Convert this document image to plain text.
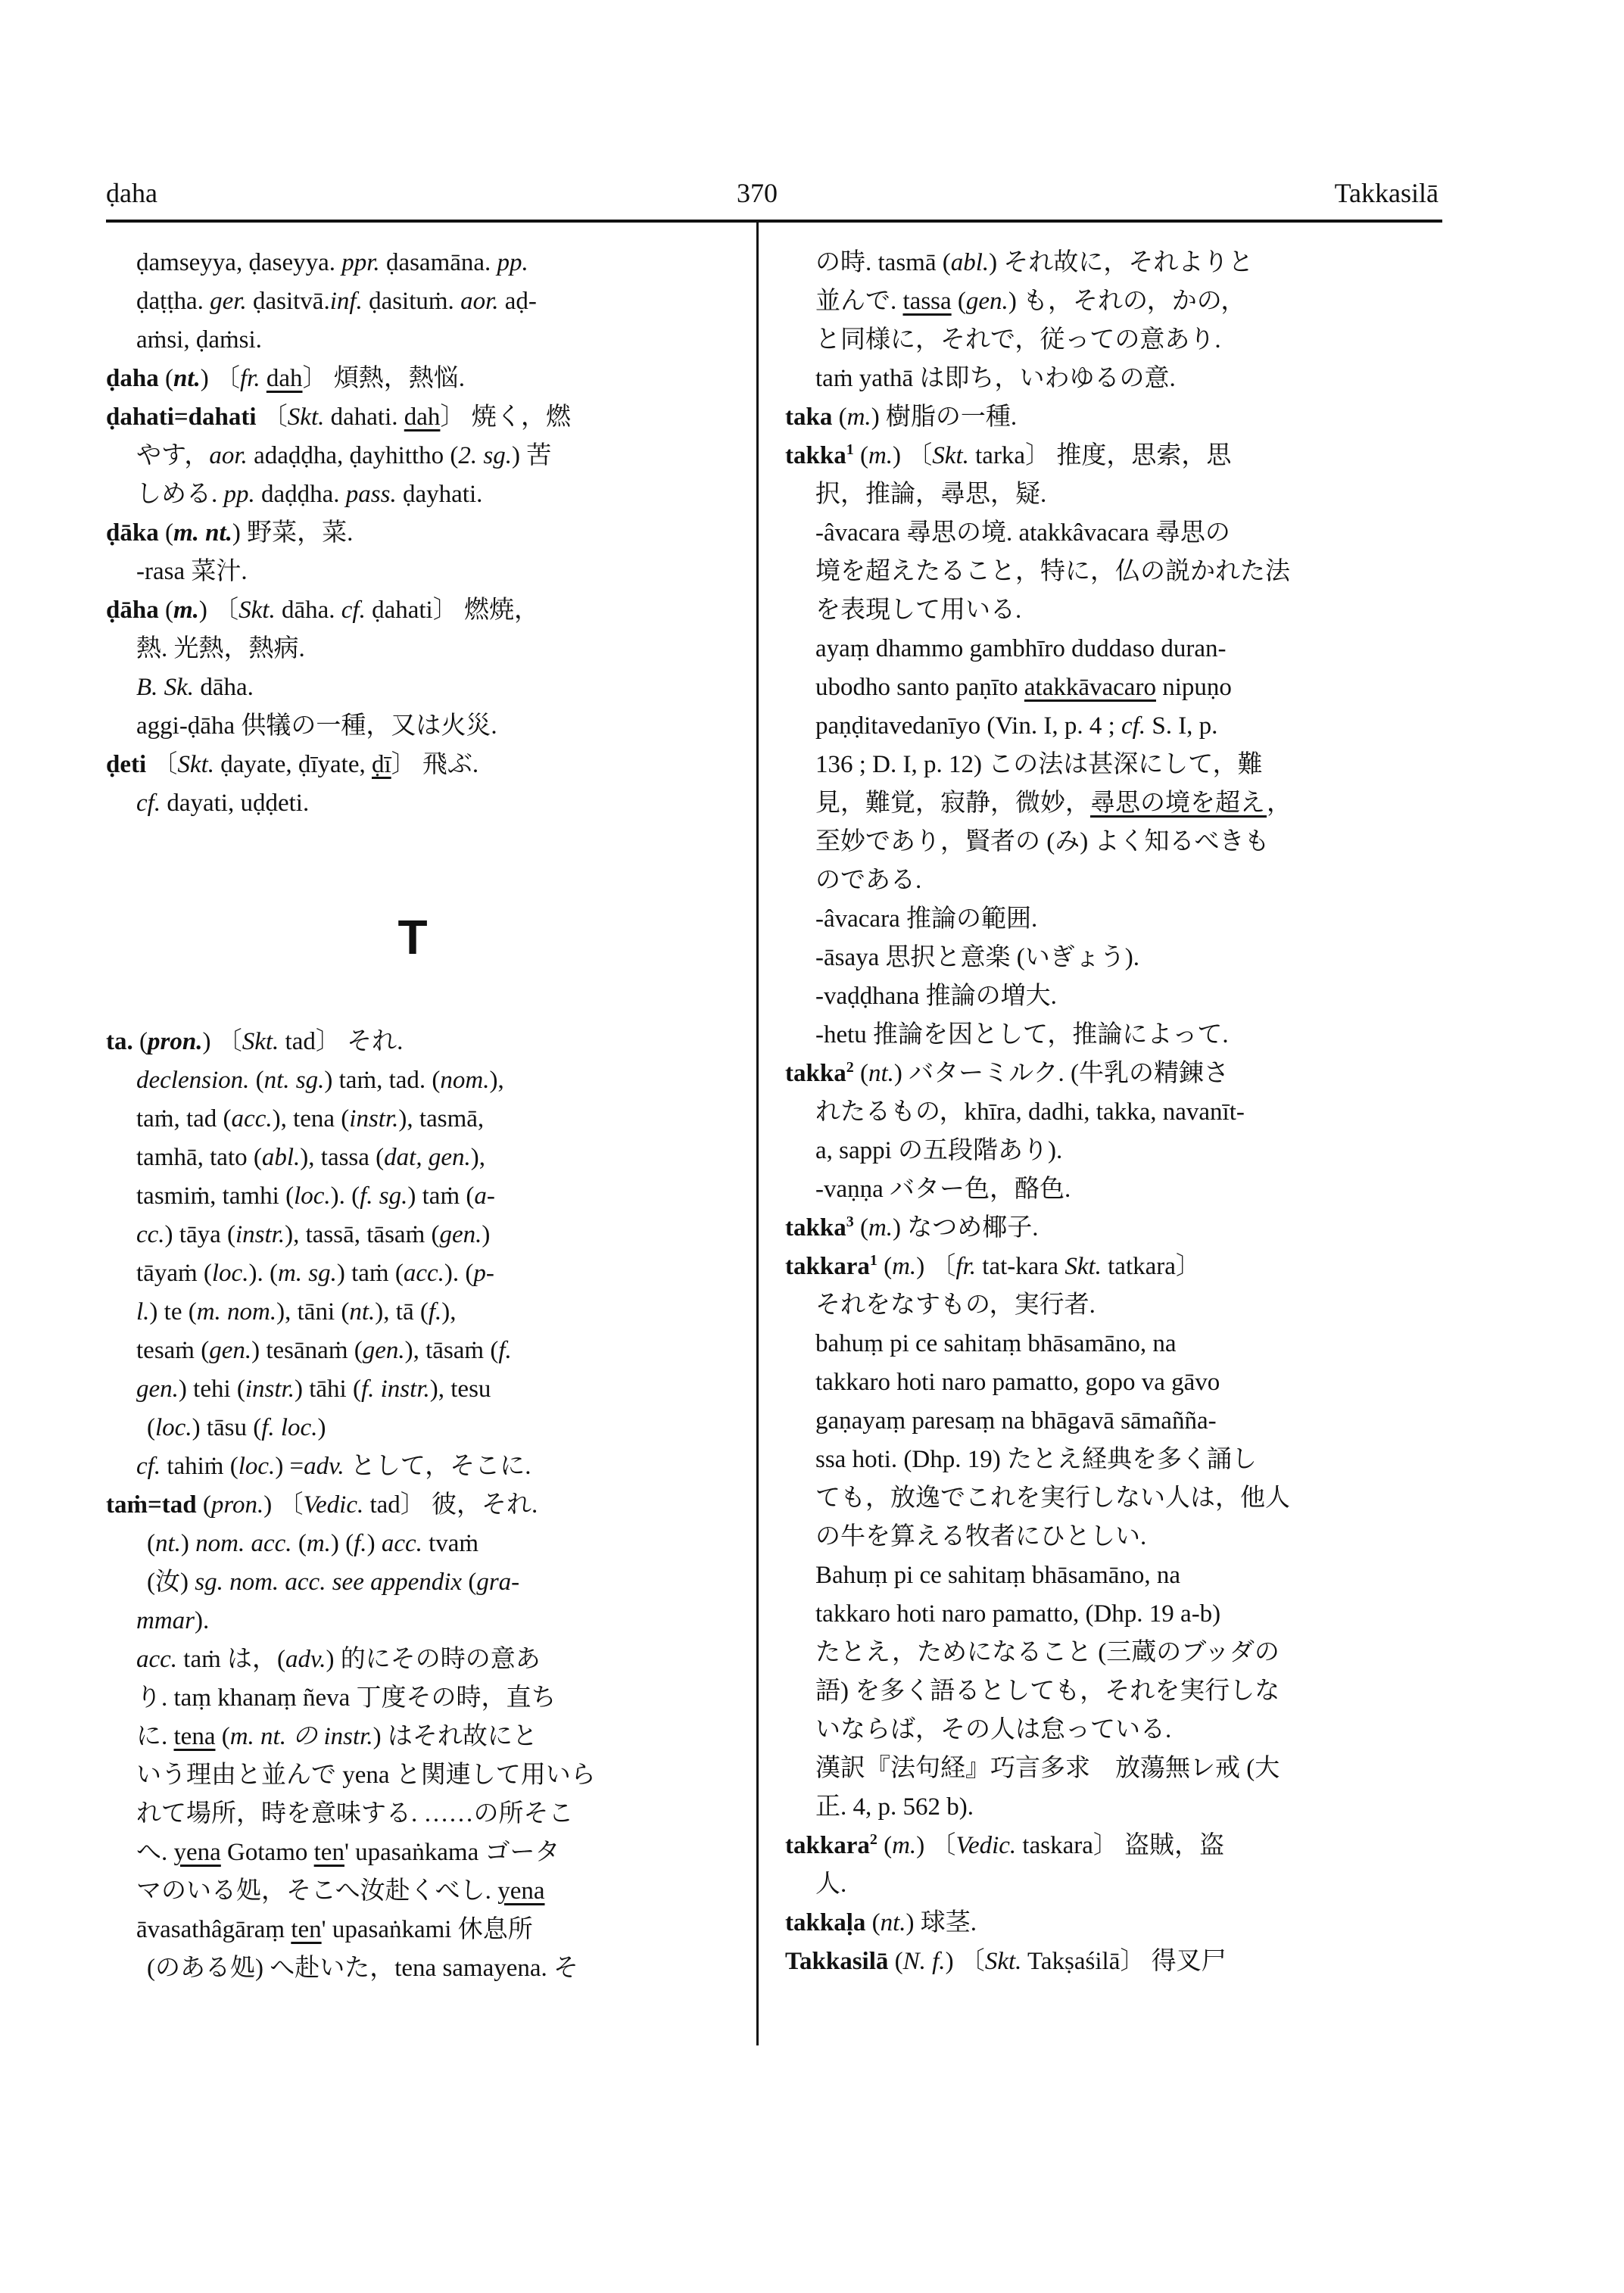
ḍaha	370	Takkasilā
ḍamseyya, ḍaseyya. ppr. ḍasamāna. pp.
ḍaṭṭha. ger. ḍasitvā.inf. ḍasituṁ. aor. aḍ-
aṁsi, ḍaṁsi.
ḍaha (nt.) 〔fr. dah〕 煩熱，熱悩.
ḍahati=dahati 〔Skt. dahati. dah〕 焼く，燃
やす，aor. adaḍḍha, ḍayhittho (2. sg.) 苦
しめる. pp. daḍḍha. pass. ḍayhati.
ḍāka (m. nt.) 野菜，菜.
-rasa 菜汁.
ḍāha (m.) 〔Skt. dāha. cf. ḍahati〕 燃焼，
熱. 光熱，熱病.
B. Sk. dāha.
aggi-ḍāha 供犠の一種，又は火災.
ḍeti 〔Skt. ḍayate, ḍīyate, ḍī〕 飛ぶ.
cf. dayati, uḍḍeti.
ta. (pron.) 〔Skt. tad〕 それ.
declension. (nt. sg.) taṁ, tad. (nom.),
taṁ, tad (acc.), tena (instr.), tasmā,
tamhā, tato (abl.), tassa (dat, gen.),
tasmiṁ, tamhi (loc.). (f. sg.) taṁ (a-
cc.) tāya (instr.), tassā, tāsaṁ (gen.)
tāyaṁ (loc.). (m. sg.) taṁ (acc.). (p-
l.) te (m. nom.), tāni (nt.), tā (f.),
tesaṁ (gen.) tesānaṁ (gen.), tāsaṁ (f.
gen.) tehi (instr.) tāhi (f. instr.), tesu
(loc.) tāsu (f. loc.)
cf. tahiṁ (loc.) =adv. として，そこに.
taṁ=tad (pron.) 〔Vedic. tad〕 彼，それ.
(nt.) nom. acc. (m.) (f.) acc. tvaṁ
(汝) sg. nom. acc. see appendix (gra-
mmar).
acc. taṁ は，(adv.) 的にその時の意あ
り. taṃ khanaṃ ñeva 丁度その時，直ち
に. tena (m. nt. の instr.) はそれ故にと
いう理由と並んで yena と関連して用いら
れて場所，時を意味する. ……の所そこ
へ. yena Gotamo ten' upasaṅkama ゴータ
マのいる処，そこへ汝赴くべし. yena
āvasathâgāraṃ ten' upasaṅkami 休息所
(のある処) へ赴いた，tena samayena. そ
T
の時. tasmā (abl.) それ故に，それよりと
並んで. tassa (gen.) も，それの，かの，
と同様に，それで，従っての意あり.
taṁ yathā は即ち，いわゆるの意.
taka (m.) 樹脂の一種.
takka$^1$ (m.) 〔Skt. tarka〕 推度，思索，思
択，推論，尋思，疑.
-âvacara 尋思の境. atakkâvacara 尋思の
境を超えたること，特に，仏の説かれた法
を表現して用いる.
ayaṃ dhammo gambhīro duddaso duran-
ubodho santo paṇīto atakkāvacaro nipuṇo
paṇḍitavedanīyo (Vin. I, p. 4 ; cf. S. I, p.
136 ; D. I, p. 12) この法は甚深にして，難
見，難覚，寂静，微妙，尋思の境を超え，
至妙であり，賢者の (み) よく知るべきも
のである.
-âvacara 推論の範囲.
-āsaya 思択と意楽 (いぎょう).
-vaḍḍhana 推論の増大.
-hetu 推論を因として，推論によって.
takka$^2$ (nt.) バターミルク. (牛乳の精錬さ
れたるもの，khīra, dadhi, takka, navanīt-
a, sappi の五段階あり).
-vaṇṇa バター色，酪色.
takka$^3$ (m.) なつめ椰子.
takkara$^1$ (m.) 〔fr. tat-kara Skt. tatkara〕
それをなすもの，実行者.
bahuṃ pi ce sahitaṃ bhāsamāno, na
takkaro hoti naro pamatto, gopo va gāvo
gaṇayaṃ paresaṃ na bhāgavā sāmañña-
ssa hoti. (Dhp. 19) たとえ経典を多く誦し
ても，放逸でこれを実行しない人は，他人
の牛を算える牧者にひとしい.
Bahuṃ pi ce sahitaṃ bhāsamāno, na
takkaro hoti naro pamatto, (Dhp. 19 a-b)
たとえ，ためになること (三蔵のブッダの
語) を多く語るとしても，それを実行しな
いならば，その人は怠っている.
漢訳『法句経』巧言多求　放蕩無レ戒 (大
正. 4, p. 562 b).
takkara$^2$ (m.) 〔Vedic. taskara〕 盗賊，盗
人.
takkaḷa (nt.) 球茎.
Takkasilā (N. f.) 〔Skt. Takṣaśilā〕 得叉尸
